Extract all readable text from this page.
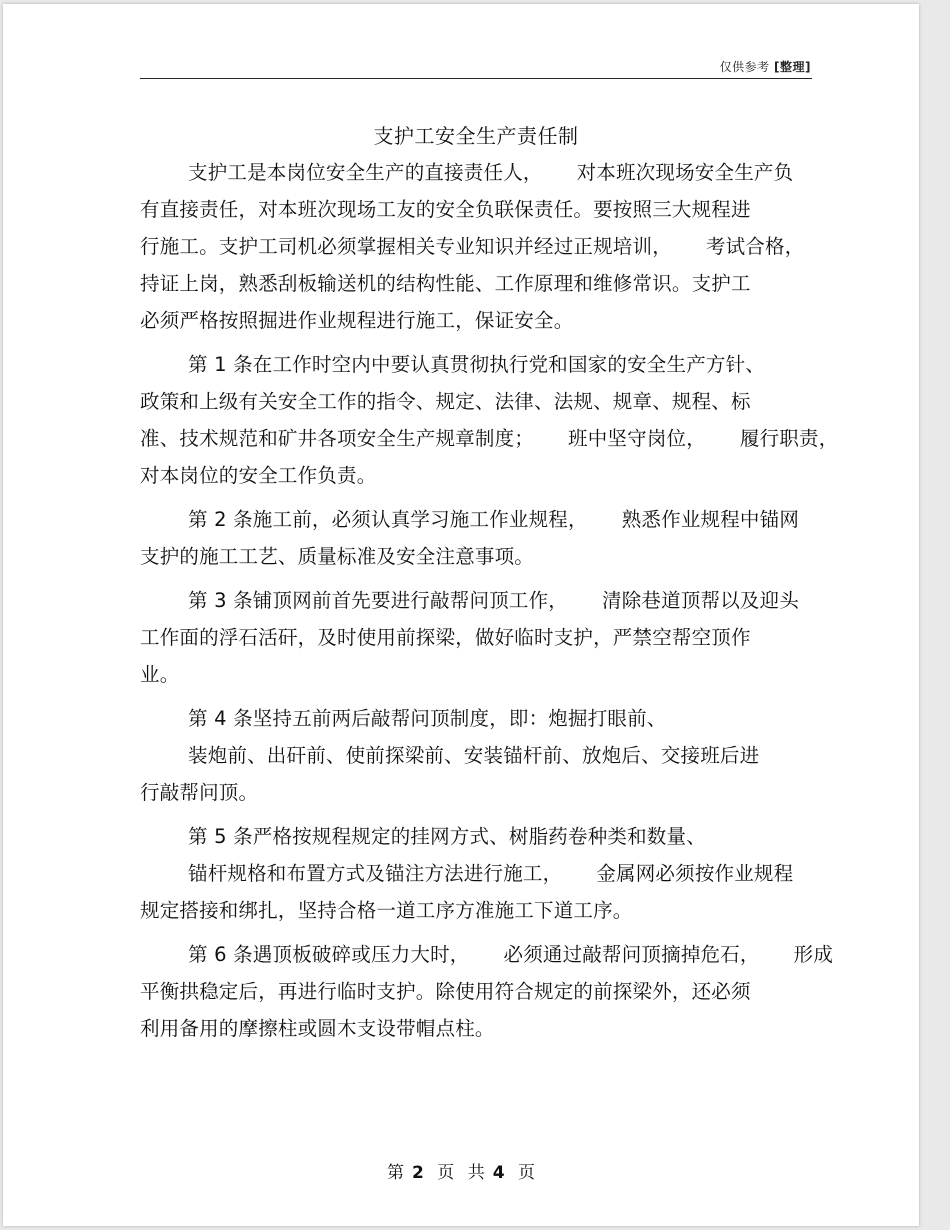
仅供参考 [整理]
支护工安全生产责任制
支护工是本岗位安全生产的直接责任人， 对本班次现场安全生产负
有直接责任，对本班次现场工友的安全负联保责任。要按照三大规程进
行施工。支护工司机必须掌握相关专业知识并经过正规培训， 考试合格，
持证上岗，熟悉刮板输送机的结构性能、工作原理和维修常识。支护工
必须严格按照掘进作业规程进行施工，保证安全。
第 1 条在工作时空内中要认真贯彻执行党和国家的安全生产方针、
政策和上级有关安全工作的指令、规定、法律、法规、规章、规程、标
准、技术规范和矿井各项安全生产规章制度； 班中坚守岗位， 履行职责，
对本岗位的安全工作负责。
第 2 条施工前，必须认真学习施工作业规程， 熟悉作业规程中锚网
支护的施工工艺、质量标准及安全注意事项。
第 3 条铺顶网前首先要进行敲帮问顶工作， 清除巷道顶帮以及迎头
工作面的浮石活矸，及时使用前探梁，做好临时支护，严禁空帮空顶作
业。
第 4 条坚持五前两后敲帮问顶制度，即：炮掘打眼前、
装炮前、出矸前、使前探梁前、安装锚杆前、放炮后、交接班后进
行敲帮问顶。
第 5 条严格按规程规定的挂网方式、树脂药卷种类和数量、
锚杆规格和布置方式及锚注方法进行施工， 金属网必须按作业规程
规定搭接和绑扎，坚持合格一道工序方准施工下道工序。
第 6 条遇顶板破碎或压力大时， 必须通过敲帮问顶摘掉危石， 形成
平衡拱稳定后，再进行临时支护。除使用符合规定的前探梁外，还必须
利用备用的摩擦柱或圆木支设带帽点柱。
第 2 页 共 4 页
